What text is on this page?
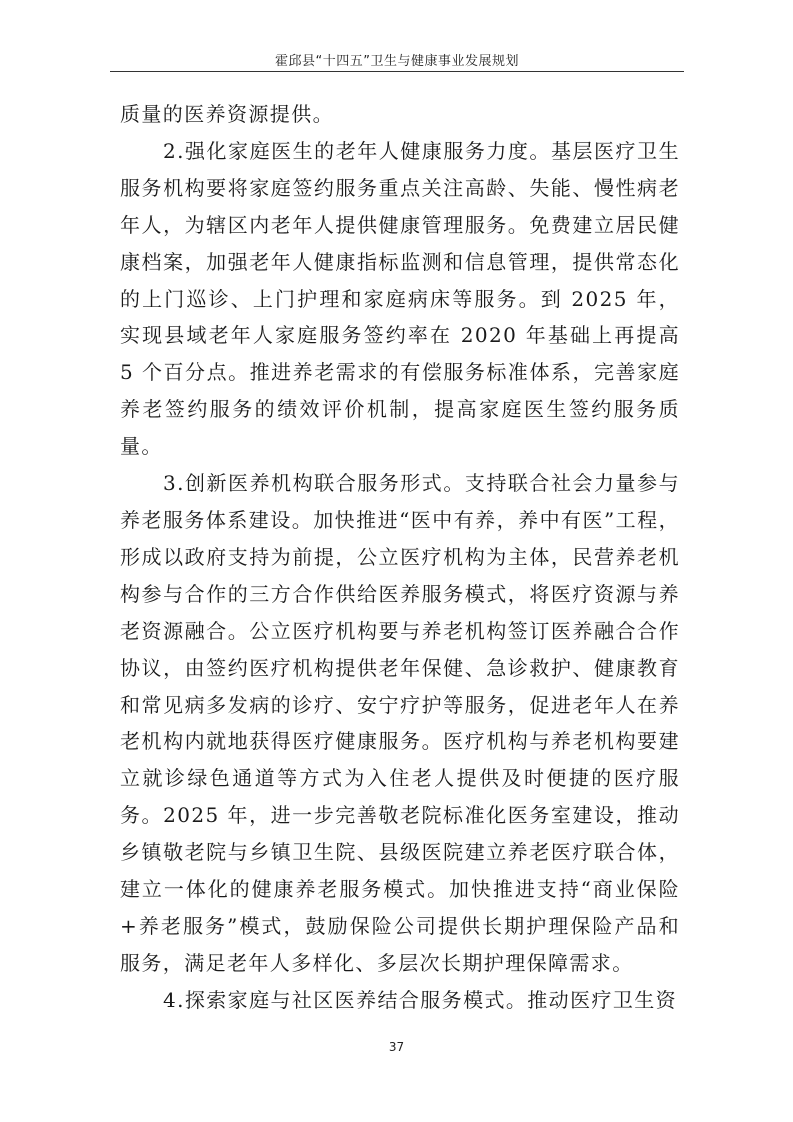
霍邱县“十四五”卫生与健康事业发展规划

质量的医养资源提供。

2.强化家庭医生的老年人健康服务力度。基层医疗卫生服务机构要将家庭签约服务重点关注高龄、失能、慢性病老年人，为辖区内老年人提供健康管理服务。免费建立居民健康档案，加强老年人健康指标监测和信息管理，提供常态化的上门巡诊、上门护理和家庭病床等服务。到 2025 年，实现县域老年人家庭服务签约率在 2020 年基础上再提高 5 个百分点。推进养老需求的有偿服务标准体系，完善家庭养老签约服务的绩效评价机制，提高家庭医生签约服务质量。

3.创新医养机构联合服务形式。支持联合社会力量参与养老服务体系建设。加快推进“医中有养，养中有医”工程，形成以政府支持为前提，公立医疗机构为主体，民营养老机构参与合作的三方合作供给医养服务模式，将医疗资源与养老资源融合。公立医疗机构要与养老机构签订医养融合合作协议，由签约医疗机构提供老年保健、急诊救护、健康教育和常见病多发病的诊疗、安宁疗护等服务，促进老年人在养老机构内就地获得医疗健康服务。医疗机构与养老机构要建立就诊绿色通道等方式为入住老人提供及时便捷的医疗服务。2025 年，进一步完善敬老院标准化医务室建设，推动乡镇敬老院与乡镇卫生院、县级医院建立养老医疗联合体，建立一体化的健康养老服务模式。加快推进支持“商业保险+养老服务”模式，鼓励保险公司提供长期护理保险产品和服务，满足老年人多样化、多层次长期护理保障需求。

4.探索家庭与社区医养结合服务模式。推动医疗卫生资

37
